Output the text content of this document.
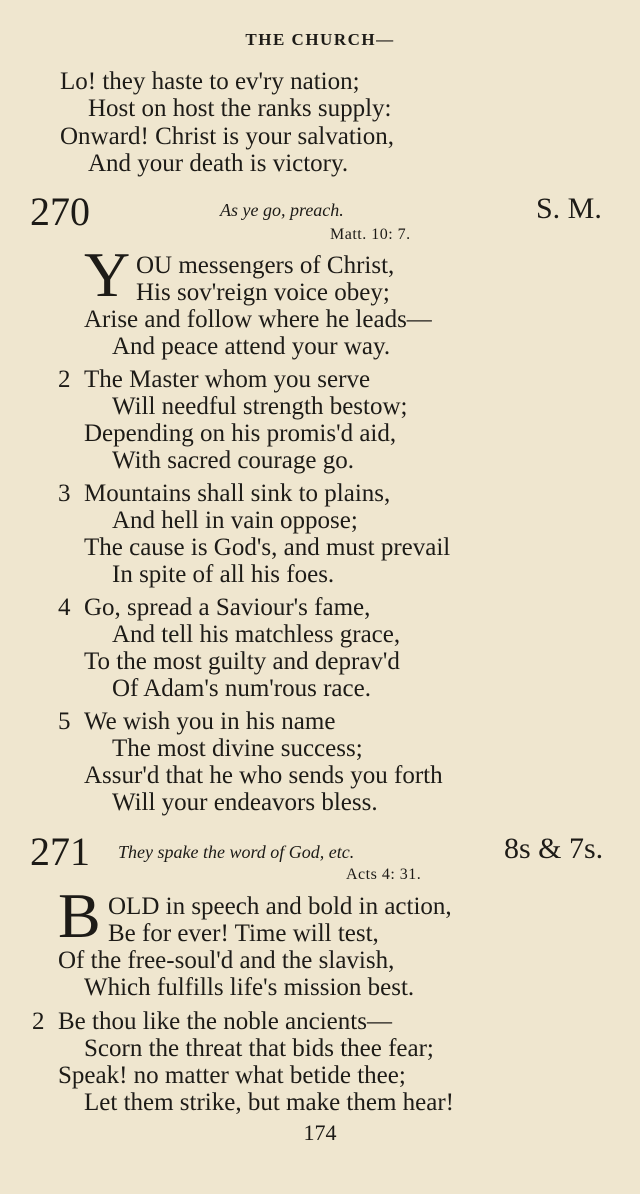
THE CHURCH—
Lo! they haste to ev'ry nation;
Host on host the ranks supply:
Onward! Christ is your salvation,
And your death is victory.
270	As ye go, preach.	S. M.
Matt. 10: 7.
Y OU messengers of Christ,
His sov'reign voice obey;
Arise and follow where he leads—
And peace attend your way.
2 The Master whom you serve
Will needful strength bestow;
Depending on his promis'd aid,
With sacred courage go.
3 Mountains shall sink to plains,
And hell in vain oppose;
The cause is God's, and must prevail
In spite of all his foes.
4 Go, spread a Saviour's fame,
And tell his matchless grace,
To the most guilty and deprav'd
Of Adam's num'rous race.
5 We wish you in his name
The most divine success;
Assur'd that he who sends you forth
Will your endeavors bless.
271 They spake the word of God, etc.	8s & 7s.
Acts 4: 31.
B OLD in speech and bold in action,
Be for ever! Time will test,
Of the free-soul'd and the slavish,
Which fulfills life's mission best.
2 Be thou like the noble ancients—
Scorn the threat that bids thee fear;
Speak! no matter what betide thee;
Let them strike, but make them hear!
174
